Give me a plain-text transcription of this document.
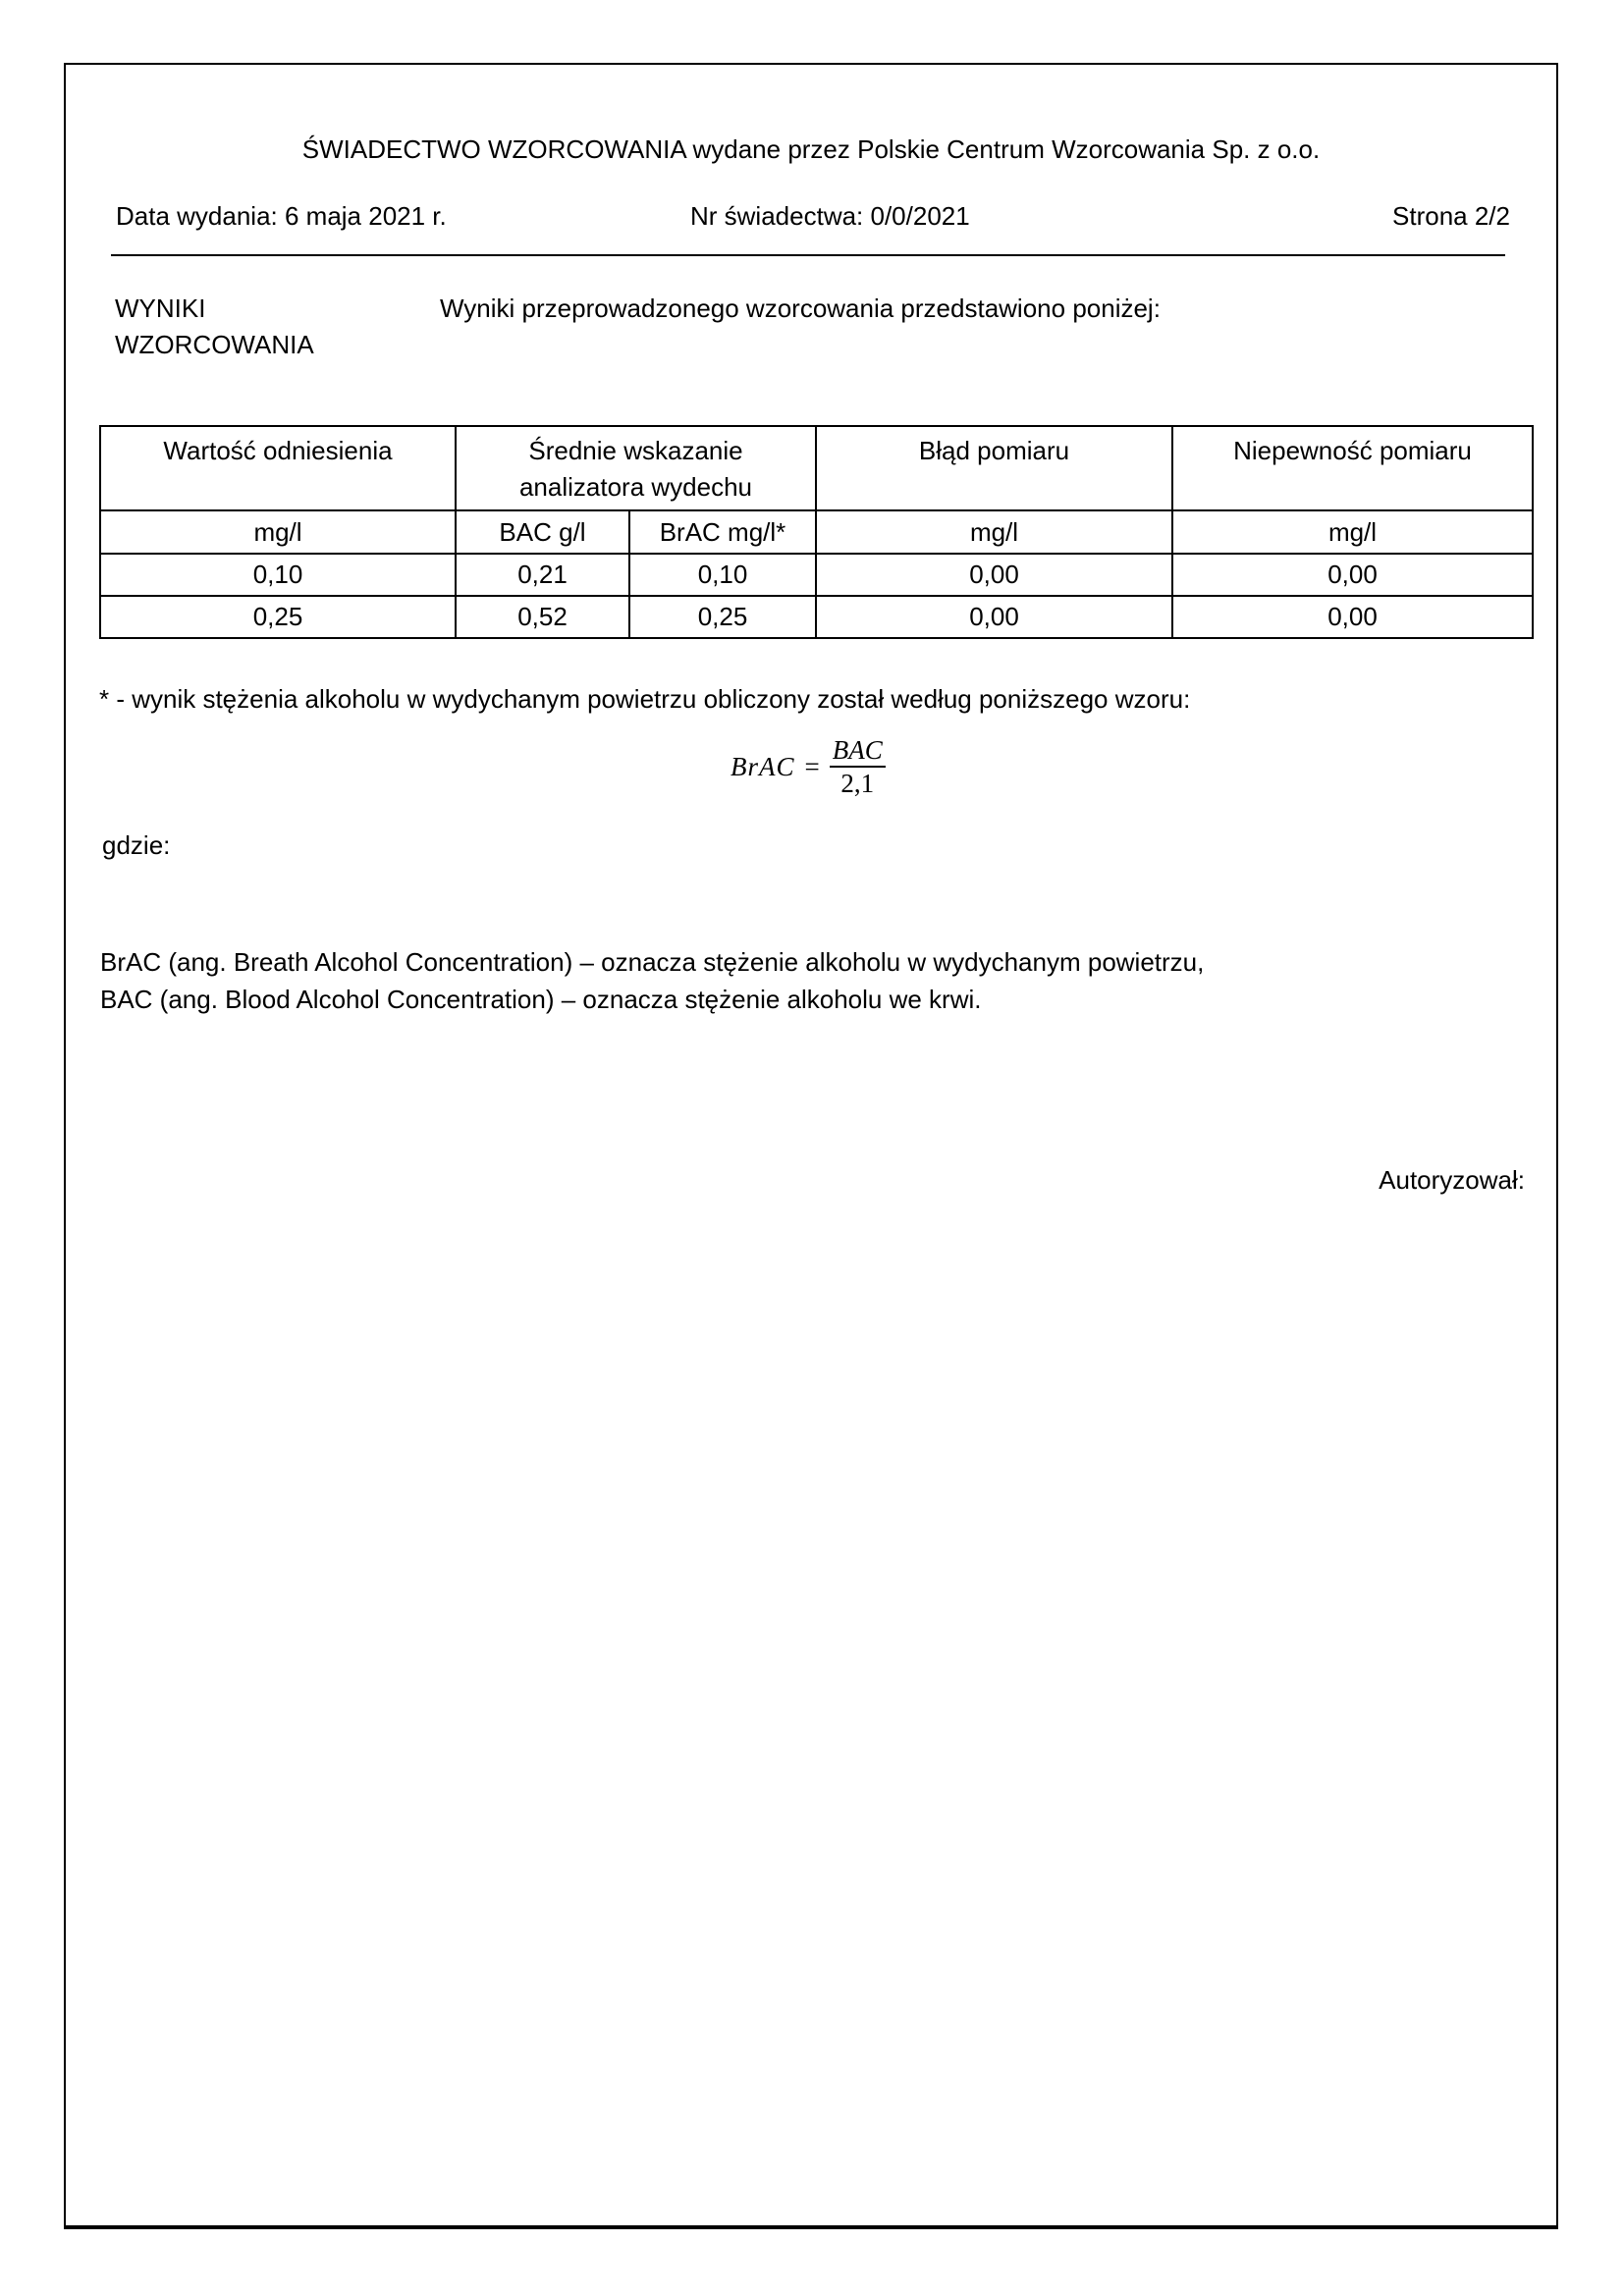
ŚWIADECTWO WZORCOWANIA wydane przez Polskie Centrum Wzorcowania Sp. z o.o.
Data wydania: 6 maja 2021 r.	Nr świadectwa: 0/0/2021	Strona 2/2
WYNIKI
WZORCOWANIA
Wyniki przeprowadzonego wzorcowania przedstawiono poniżej:
Wartość odniesienia	Średnie wskazanie analizatora wydechu		Błąd pomiaru	Niepewność pomiaru
mg/l	BAC g/l	BrAC mg/l*	mg/l	mg/l
0,10	0,21	0,10	0,00	0,00
0,25	0,52	0,25	0,00	0,00
* - wynik stężenia alkoholu w wydychanym powietrzu obliczony został według poniższego wzoru:
BrAC = $\frac{\text{BAC}}{2,1}$
gdzie:
BrAC (ang. Breath Alcohol Concentration) – oznacza stężenie alkoholu w wydychanym powietrzu,
BAC (ang. Blood Alcohol Concentration) – oznacza stężenie alkoholu we krwi.
Autoryzował:
